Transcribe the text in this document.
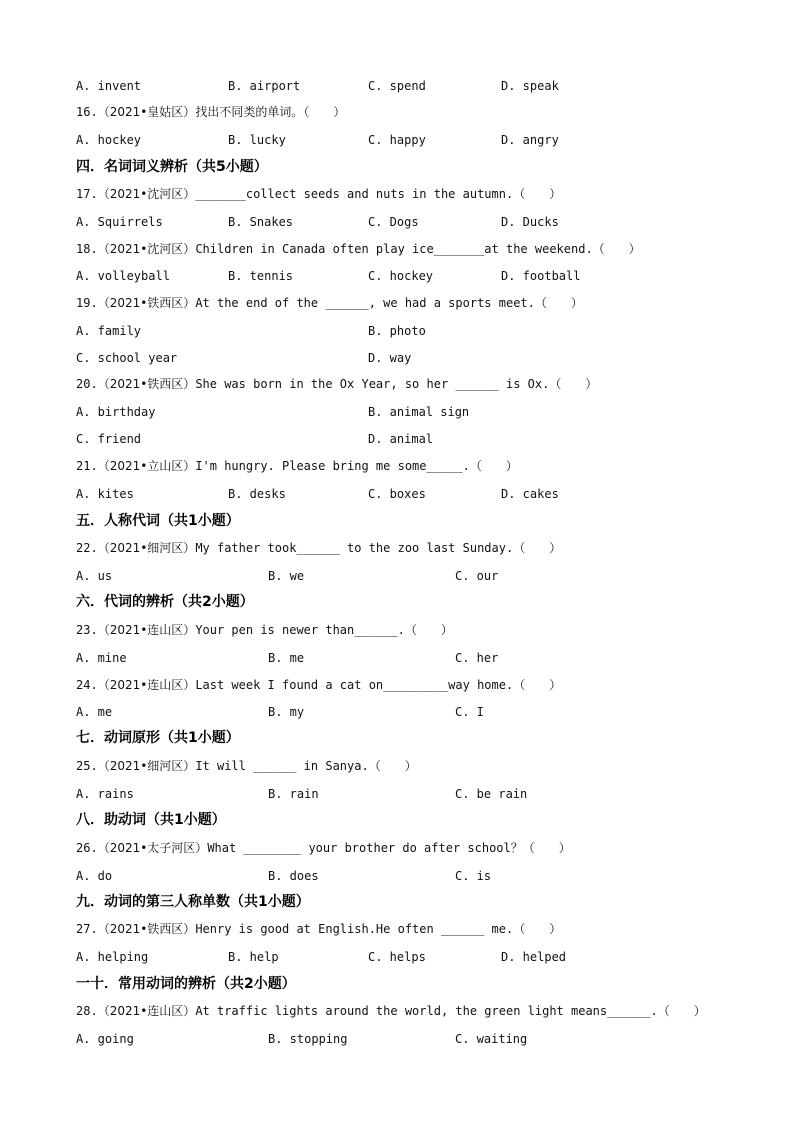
A. invent	B. airport	C. spend	D. speak
16.（2021•皇姑区）找出不同类的单词。（　　）
A. hockey	B. lucky	C. happy	D. angry
四．名词词义辨析（共5小题）
17.（2021•沈河区）_______collect seeds and nuts in the autumn.（　　）
A. Squirrels	B. Snakes	C. Dogs	D. Ducks
18.（2021•沈河区）Children in Canada often play ice_______at the weekend.（　　）
A. volleyball	B. tennis	C. hockey	D. football
19.（2021•铁西区）At the end of the ______, we had a sports meet.（　　）
A. family	B. photo
C. school year	D. way
20.（2021•铁西区）She was born in the Ox Year, so her ______ is Ox.（　　）
A. birthday	B. animal sign
C. friend	D. animal
21.（2021•立山区）I'm hungry. Please bring me some_____.（　　）
A. kites	B. desks	C. boxes	D. cakes
五．人称代词（共1小题）
22.（2021•细河区）My father took______ to the zoo last Sunday.（　　）
A. us	B. we	C. our
六．代词的辨析（共2小题）
23.（2021•连山区）Your pen is newer than______.（　　）
A. mine	B. me	C. her
24.（2021•连山区）Last week I found a cat on_________way home.（　　）
A. me	B. my	C. I
七．动词原形（共1小题）
25.（2021•细河区）It will ______ in Sanya.（　　）
A. rains	B. rain	C. be rain
八．助动词（共1小题）
26.（2021•太子河区）What ________ your brother do after school？（　　）
A. do	B. does	C. is
九．动词的第三人称单数（共1小题）
27.（2021•铁西区）Henry is good at English.He often ______ me.（　　）
A. helping	B. help	C. helps	D. helped
一十．常用动词的辨析（共2小题）
28.（2021•连山区）At traffic lights around the world, the green light means______.（　　）
A. going	B. stopping	C. waiting
